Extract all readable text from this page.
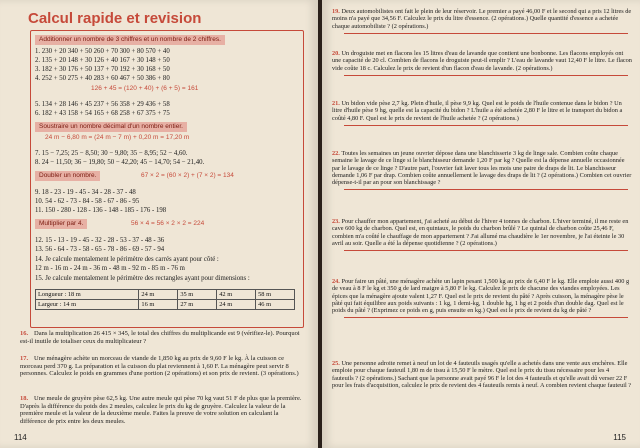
Calcul rapide et revision
Additionner un nombre de 3 chiffres et un nombre de 2 chiffres.
1. 230 + 20 340 + 50 260 + 70 300 + 80 570 + 40
2. 135 + 20 148 + 30 126 + 40 167 + 30 148 + 50
3. 182 + 30 176 + 50 137 + 70 192 + 30 168 + 50
4. 252 + 50 275 + 40 283 + 60 467 + 50 386 + 80
126 + 45 = (120 + 40) + (6 + 5) = 161
5. 134 + 28 146 + 45 237 + 56 358 + 29 436 + 58
6. 182 + 43 158 + 54 165 + 68 258 + 67 375 + 75
Soustraire un nombre décimal d'un nombre entier.
24 m − 6,80 m = (24 m − 7 m) + 0,20 m = 17,20 m
7. 15 − 7,25; 25 − 8,50; 30 − 9,80; 35 − 8,95; 52 − 4,60.
8. 24 − 11,50; 36 − 19,80; 50 − 42,20; 45 − 14,70; 54 − 21,40.
Doubler un nombre.	67 × 2 = (60 × 2) + (7 × 2) = 134
9. 18 - 23 - 19 - 45 - 34 - 28 - 37 - 48
10. 54 - 62 - 73 - 84 - 58 - 67 - 86 - 95
11. 150 - 280 - 128 - 136 - 148 - 185 - 176 - 198
Multiplier par 4.	56 × 4 = 56 × 2 × 2 = 224
12. 15 - 13 - 19 - 45 - 32 - 28 - 53 - 37 - 48 - 36
13. 56 - 64 - 73 - 58 - 65 - 78 - 86 - 69 - 57 - 94
14. Je calcule mentalement le périmètre des carrés ayant pour côté :
12 m - 16 m - 24 m - 36 m - 48 m - 92 m - 85 m - 76 m
15. Je calcule mentalement le périmètre des rectangles ayant pour dimensions :
Longueur : 18 m	24 m	35 m	42 m	58 m
Largeur : 14 m	16 m	27 m	24 m	46 m
16. Dans la multiplication 26 415 × 345, le total des chiffres du multiplicande est 9 (vérifiez-le). Pourquoi est-il inutile de totaliser ceux du multiplicateur ?
17. Une ménagère achète un morceau de viande de 1,850 kg au prix de 9,60 F le kg. À la cuisson ce morceau perd 370 g. La préparation et la cuisson du plat reviennent à 1,60 F. La ménagère peut servir 8 personnes. Calculez le poids en grammes d'une portion (2 opérations) et son prix de revient. (3 opérations.)
18. Une meule de gruyère pèse 62,5 kg. Une autre meule qui pèse 70 kg vaut 51 F de plus que la première. D'après la différence du poids des 2 meules, calculez le prix du kg de gruyère. Calculez la valeur de la première meule et la valeur de la deuxième meule. Faites la preuve de votre solution en calculant la différence de prix entre les deux meules.
114
19. Deux automobilistes ont fait le plein de leur réservoir. Le premier a payé 46,00 F et le second qui a pris 12 litres de moins n'a payé que 34,56 F. Calculez le prix du litre d'essence. (2 opérations.) Quelle quantité d'essence a achetée chaque automobiliste ? (2 opérations.)
20. Un droguiste met en flacons les 15 litres d'eau de lavande que contient une bonbonne. Les flacons employés ont une capacité de 20 cl. Combien de flacons le droguiste peut-il emplir ? L'eau de lavande vaut 12,40 F le litre. Le flacon vide coûte 18 c. Calculez le prix de revient d'un flacon d'eau de lavande. (2 opérations.)
21. Un bidon vide pèse 2,7 kg. Plein d'huile, il pèse 9,9 kg. Quel est le poids de l'huile contenue dans le bidon ? Un litre d'huile pèse 9 hg, quelle est la capacité du bidon ? L'huile a été achetée 2,80 F le litre et le transport du bidon a coûté 4,80 F. Quel est le prix de revient de l'huile achetée ? (2 opérations.)
22. Toutes les semaines un jeune ouvrier dépose dans une blanchisserie 3 kg de linge sale. Combien coûte chaque semaine le lavage de ce linge si le blanchisseur demande 1,20 F par kg ? Quelle est la dépense annuelle occasionnée par le lavage de ce linge ? D'autre part, l'ouvrier fait laver tous les mois une paire de draps de lit. Le blanchisseur demande 1,06 F par drap. Combien coûte annuellement le lavage des draps de lit ? (2 opérations.) Combien cet ouvrier dépense-t-il par an pour son blanchissage ?
23. Pour chauffer mon appartement, j'ai acheté au début de l'hiver 4 tonnes de charbon. L'hiver terminé, il me reste en cave 600 kg de charbon. Quel est, en quintaux, le poids du charbon brûlé ? Le quintal de charbon coûte 25,46 F, combien m'a coûté le chauffage de mon appartement ? J'ai allumé ma chaudière le 1er novembre, je l'ai éteinte le 30 avril au soir. Quelle a été la dépense quotidienne ? (2 opérations.)
24. Pour faire un pâté, une ménagère achète un lapin pesant 1,500 kg au prix de 6,40 F le kg. Elle emploie aussi 400 g de veau à 8 F le kg et 350 g de lard maigre à 5,80 F le kg. Calculez le prix de chacune des viandes employées. Les épices que la ménagère ajoute valent 1,27 F. Quel est le prix de revient du pâté ? Après cuisson, la ménagère pèse le pâté qui fait équilibre aux poids suivants : 1 kg, 1 demi-kg, 1 double hg, 1 hg et 2 poids d'un double dag. Quel est le poids du pâté ? (Exprimez ce poids en g, puis ensuite en kg.) Quel est le prix de revient du kg de pâté ?
25. Une personne adroite remet à neuf un lot de 4 fauteuils usagés qu'elle a achetés dans une vente aux enchères. Elle emploie pour chaque fauteuil 1,80 m de tissu à 15,50 F le mètre. Quel est le prix du tissu nécessaire pour les 4 fauteuils ? (2 opérations.) Sachant que la personne avait payé 96 F le lot des 4 fauteuils et qu'elle avait dû verser 22 F pour les frais d'acquisition, calculez le prix de revient des 4 fauteuils remis à neuf. A combien revient chaque fauteuil ?
115
